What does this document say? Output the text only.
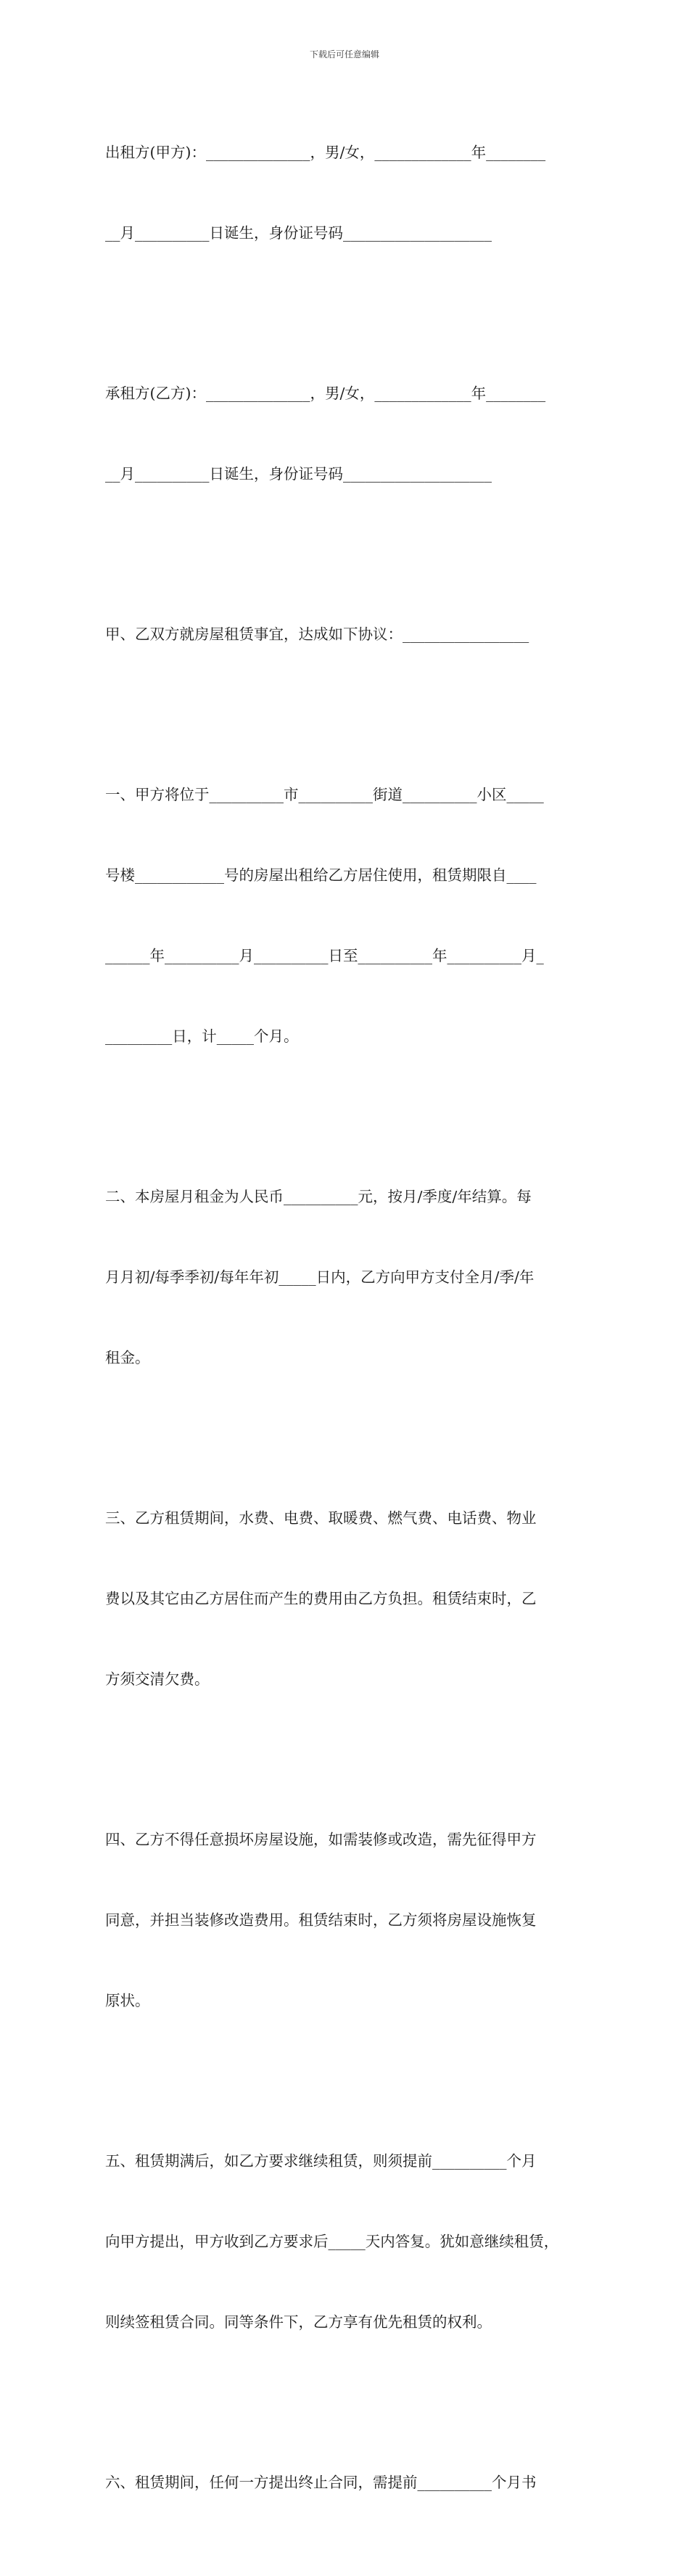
下载后可任意编辑

出租方(甲方)：______________，男/女，_____________年________

__月__________日诞生，身份证号码____________________

承租方(乙方)：______________，男/女，_____________年________

__月__________日诞生，身份证号码____________________

甲、乙双方就房屋租赁事宜，达成如下协议：_________________

一、甲方将位于__________市__________街道__________小区_____

号楼____________号的房屋出租给乙方居住使用，租赁期限自____

______年__________月__________日至__________年__________月_

_________日，计_____个月。

二、本房屋月租金为人民币__________元，按月/季度/年结算。每

月月初/每季季初/每年年初_____日内，乙方向甲方支付全月/季/年

租金。

三、乙方租赁期间，水费、电费、取暖费、燃气费、电话费、物业

费以及其它由乙方居住而产生的费用由乙方负担。租赁结束时，乙

方须交清欠费。

四、乙方不得任意损坏房屋设施，如需装修或改造，需先征得甲方

同意，并担当装修改造费用。租赁结束时，乙方须将房屋设施恢复

原状。

五、租赁期满后，如乙方要求继续租赁，则须提前__________个月

向甲方提出，甲方收到乙方要求后_____天内答复。犹如意继续租赁，

则续签租赁合同。同等条件下，乙方享有优先租赁的权利。

六、租赁期间，任何一方提出终止合同，需提前__________个月书
